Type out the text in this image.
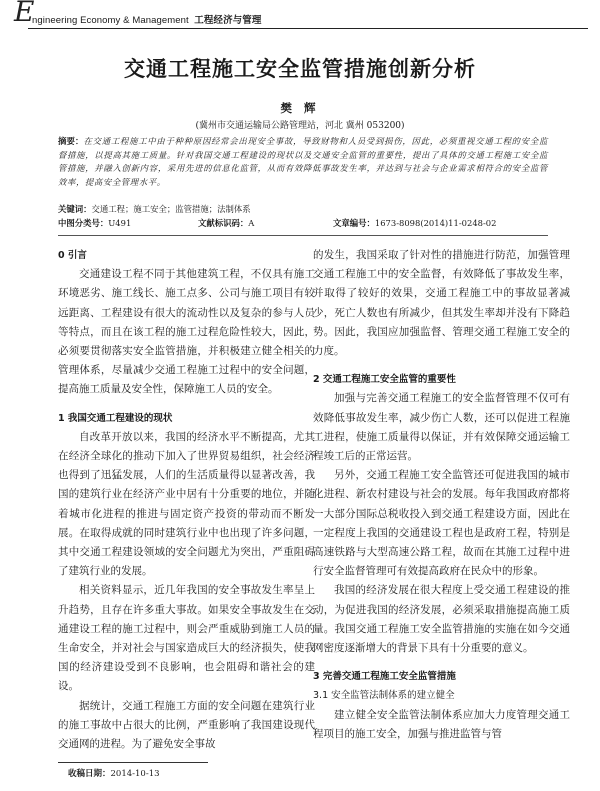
E
ngineering Economy & Management 工程经济与管理
交通工程施工安全监管措施创新分析
樊 辉
(冀州市交通运输局公路管理站，河北 冀州 053200)
摘要：在交通工程施工中由于种种原因经常会出现安全事故，导致财物和人员受到损伤，因此，必须重视交通工程的安全监督措施，以提高其施工质量。针对我国交通工程建设的现状以及交通安全监管的重要性，提出了具体的交通工程施工安全监管措施，并融入创新内容，采用先进的信息化监管，从而有效降低事故发生率，并达到与社会与企业需求相符合的安全监管效率，提高安全管理水平。
关键词：交通工程；施工安全；监管措施；法制体系
中图分类号： U491	文献标识码： A	文章编号： 1673-8098(2014)11-0248-02
0 引言

交通建设工程不同于其他建筑工程，不仅具有施工环境恶劣、施工线长、施工点多、公司与施工项目有较远距离、工程建设有很大的流动性以及复杂的参与人员等特点，而且在该工程的施工过程危险性较大，因此，必须要贯彻落实安全监管措施，并积极建立健全相关的管理体系，尽量减少交通工程施工过程中的安全问题，提高施工质量及安全性，保障施工人员的安全。

1 我国交通工程建设的现状

自改革开放以来，我国的经济水平不断提高，尤其在经济全球化的推动下加入了世界贸易组织，社会经济也得到了迅猛发展，人们的生活质量得以显著改善，我国的建筑行业在经济产业中居有十分重要的地位，并随着城市化进程的推进与固定资产投资的带动而不断发展。在取得成就的同时建筑行业中也出现了许多问题，其中交通工程建设领域的安全问题尤为突出，严重阻碍了建筑行业的发展。

相关资料显示，近几年我国的安全事故发生率呈上升趋势，且存在许多重大事故。如果安全事故发生在交通建设工程的施工过程中，则会严重威胁到施工人员的生命安全，并对社会与国家造成巨大的经济损失，使我国的经济建设受到不良影响，也会阻碍和谐社会的建设。

据统计，交通工程施工方面的安全问题在建筑行业的施工事故中占很大的比例，严重影响了我国建设现代交通网的进程。为了避免安全事故

的发生，我国采取了针对性的措施进行防范，加强管理交通工程施工中的安全监督，有效降低了事故发生率，并取得了较好的效果，交通工程施工中的事故显著减少，死亡人数也有所减少，但其发生率却并没有下降趋势。因此，我国应加强监督、管理交通工程施工安全的力度。

2 交通工程施工安全监管的重要性

加强与完善交通工程施工的安全监督管理不仅可有效降低事故发生率，减少伤亡人数，还可以促进工程施工进程，使施工质量得以保证，并有效保障交通运输工程竣工后的正常运营。

另外，交通工程施工安全监管还可促进我国的城市化进程、新农村建设与社会的发展。每年我国政府都将一大部分国际总税收投入到交通工程建设方面，因此在一定程度上我国的交通建设工程也是政府工程，特别是高速铁路与大型高速公路工程，故而在其施工过程中进行安全监督管理可有效提高政府在民众中的形象。

我国的经济发展在很大程度上受交通工程建设的推动，为促进我国的经济发展，必须采取措施提高施工质量。我国交通工程施工安全监管措施的实施在如今交通网密度逐渐增大的背景下具有十分重要的意义。

3 完善交通工程施工安全监管措施
3.1 安全监管法制体系的建立健全

建立健全安全监管法制体系应加大力度管理交通工程项目的施工安全，加强与推进监管与管

收稿日期：2014-10-13
